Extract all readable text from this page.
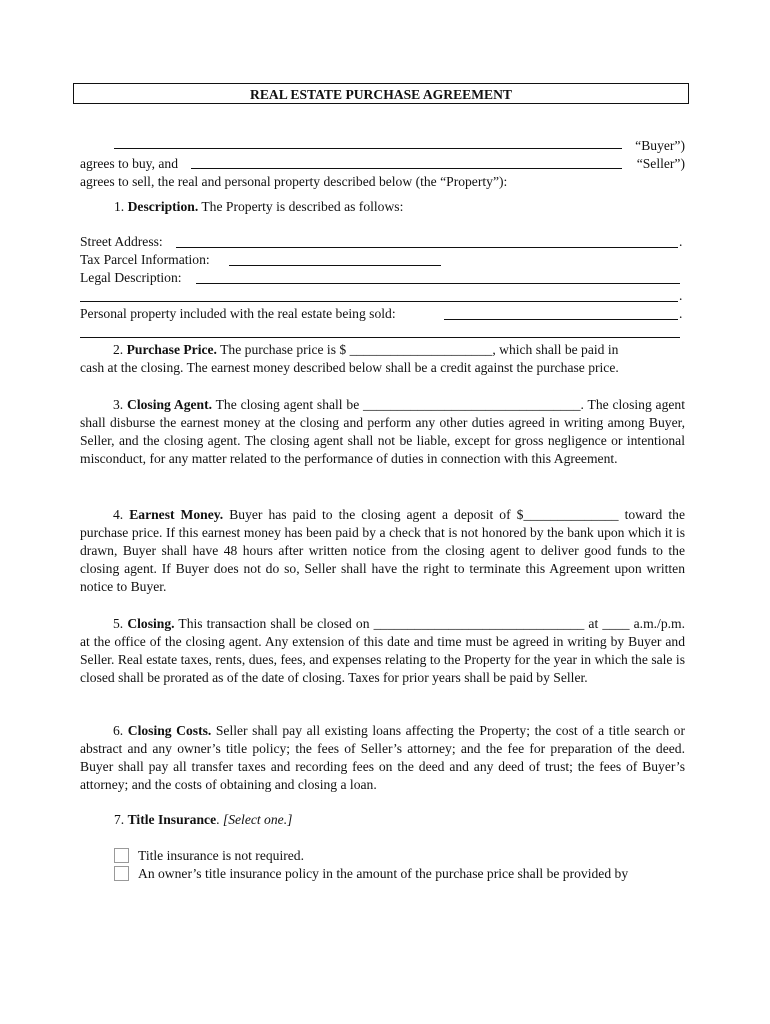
REAL ESTATE PURCHASE AGREEMENT
“Buyer”)
agrees to buy, and	“Seller”)
agrees to sell, the real and personal property described below (the “Property”):
1. Description. The Property is described as follows:
Street Address:	.
Tax Parcel Information:
Legal Description:
.
Personal property included with the real estate being sold:	.
2. Purchase Price. The purchase price is $ _____________________, which shall be paid in
cash at the closing. The earnest money described below shall be a credit against the purchase price.
3. Closing Agent. The closing agent shall be ________________________________. The closing agent shall disburse the earnest money at the closing and perform any other duties agreed in writing among Buyer, Seller, and the closing agent. The closing agent shall not be liable, except for gross negligence or intentional misconduct, for any matter related to the performance of duties in connection with this Agreement.
4. Earnest Money. Buyer has paid to the closing agent a deposit of $______________ toward the purchase price. If this earnest money has been paid by a check that is not honored by the bank upon which it is drawn, Buyer shall have 48 hours after written notice from the closing agent to deliver good funds to the closing agent. If Buyer does not do so, Seller shall have the right to terminate this Agreement upon written notice to Buyer.
5. Closing. This transaction shall be closed on _______________________________ at ____ a.m./p.m. at the office of the closing agent. Any extension of this date and time must be agreed in writing by Buyer and Seller. Real estate taxes, rents, dues, fees, and expenses relating to the Property for the year in which the sale is closed shall be prorated as of the date of closing. Taxes for prior years shall be paid by Seller.
6. Closing Costs. Seller shall pay all existing loans affecting the Property; the cost of a title search or abstract and any owner’s title policy; the fees of Seller’s attorney; and the fee for preparation of the deed. Buyer shall pay all transfer taxes and recording fees on the deed and any deed of trust; the fees of Buyer’s attorney; and the costs of obtaining and closing a loan.
7. Title Insurance. [Select one.]
Title insurance is not required.
An owner’s title insurance policy in the amount of the purchase price shall be provided by
